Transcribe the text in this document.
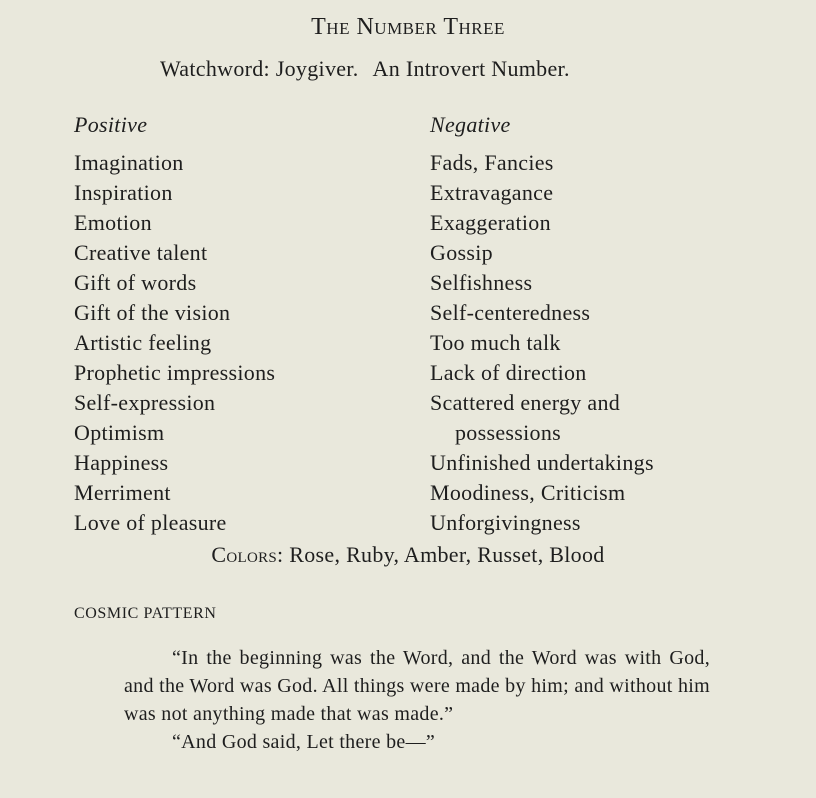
The Number Three
Watchword: Joygiver. An Introvert Number.
Positive
Imagination
Inspiration
Emotion
Creative talent
Gift of words
Gift of the vision
Artistic feeling
Prophetic impressions
Self-expression
Optimism
Happiness
Merriment
Love of pleasure
Negative
Fads, Fancies
Extravagance
Exaggeration
Gossip
Selfishness
Self-centeredness
Too much talk
Lack of direction
Scattered energy and
possessions
Unfinished undertakings
Moodiness, Criticism
Unforgivingness
Colors: Rose, Ruby, Amber, Russet, Blood
COSMIC PATTERN

“In the beginning was the Word, and the Word was with God, and the Word was God. All things were made by him; and without him was not anything made that was made.”

“And God said, Let there be—”
